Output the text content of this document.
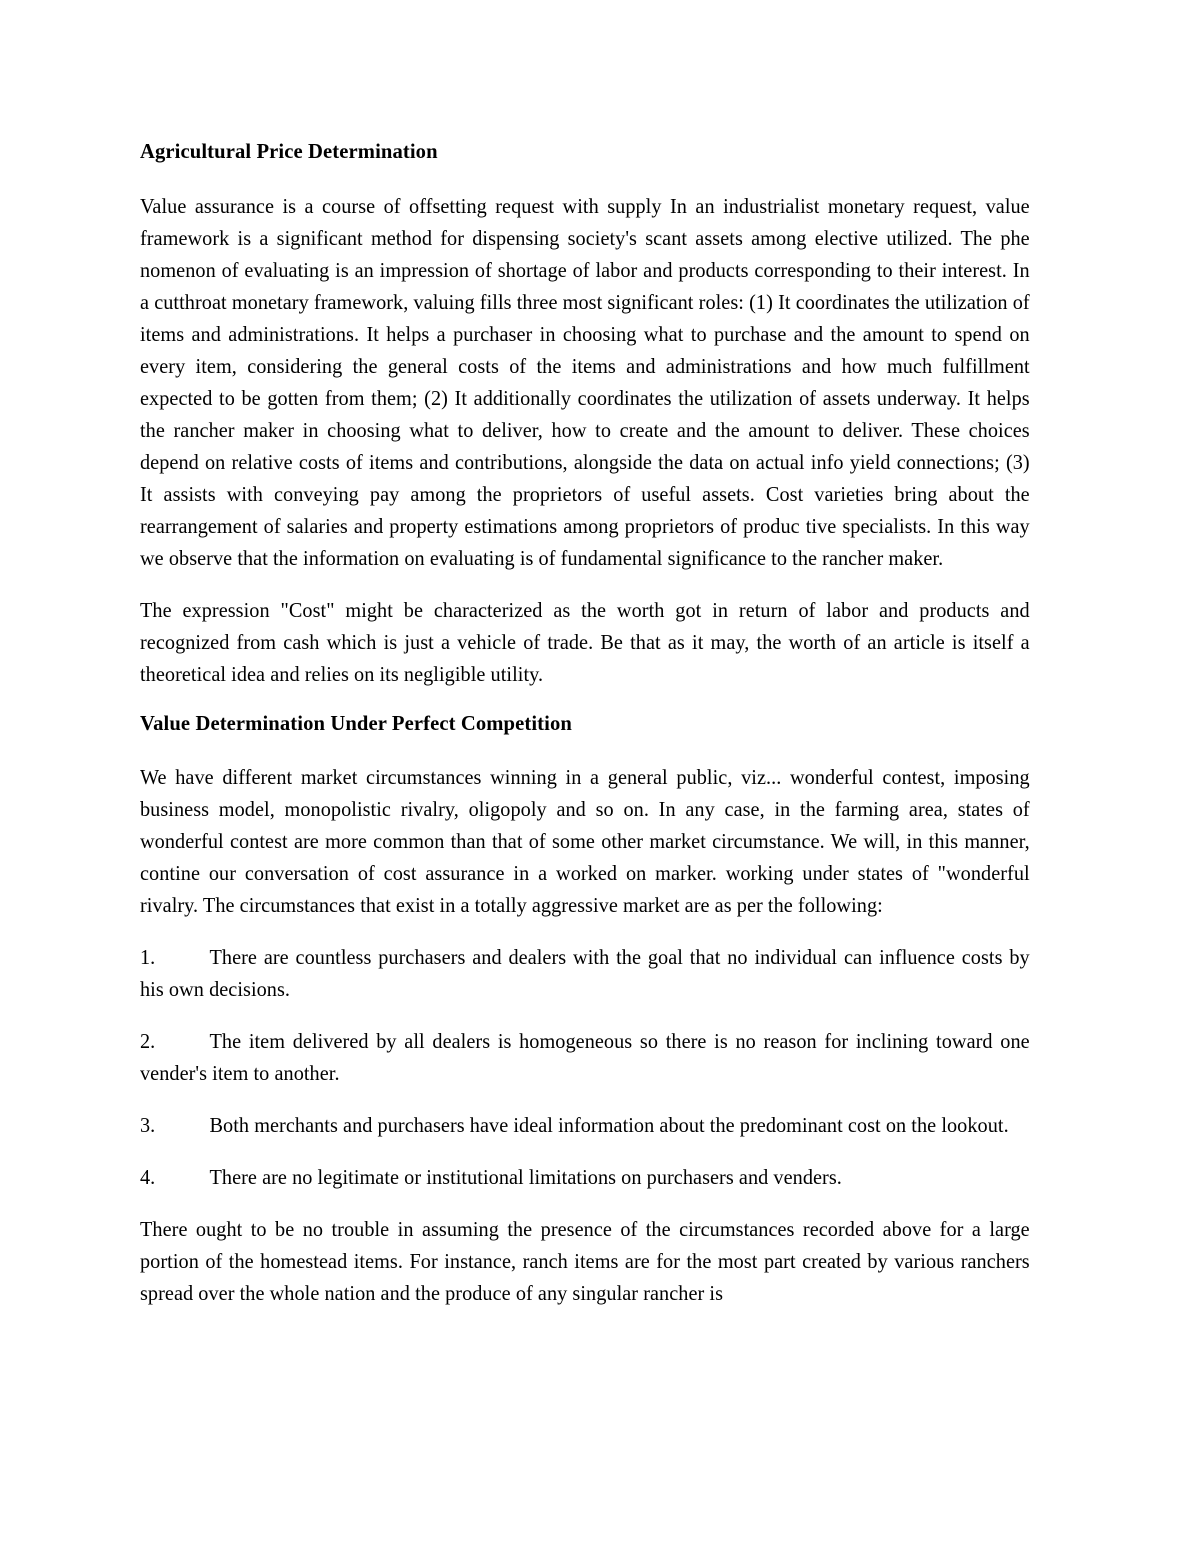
Agricultural Price Determination

Value assurance is a course of offsetting request with supply In an industrialist monetary request, value framework is a significant method for dispensing society's scant assets among elective utilized. The phe nomenon of evaluating is an impression of shortage of labor and products corresponding to their interest. In a cutthroat monetary framework, valuing fills three most significant roles: (1) It coordinates the utilization of items and administrations. It helps a purchaser in choosing what to purchase and the amount to spend on every item, considering the general costs of the items and administrations and how much fulfillment expected to be gotten from them; (2) It additionally coordinates the utilization of assets underway. It helps the rancher maker in choosing what to deliver, how to create and the amount to deliver. These choices depend on relative costs of items and contributions, alongside the data on actual info yield connections; (3) It assists with conveying pay among the proprietors of useful assets. Cost varieties bring about the rearrangement of salaries and property estimations among proprietors of produc tive specialists. In this way we observe that the information on evaluating is of fundamental significance to the rancher maker.

The expression "Cost" might be characterized as the worth got in return of labor and products and recognized from cash which is just a vehicle of trade. Be that as it may, the worth of an article is itself a theoretical idea and relies on its negligible utility.

Value Determination Under Perfect Competition

We have different market circumstances winning in a general public, viz... wonderful contest, imposing business model, monopolistic rivalry, oligopoly and so on. In any case, in the farming area, states of wonderful contest are more common than that of some other market circumstance. We will, in this manner, contine our conversation of cost assurance in a worked on marker. working under states of "wonderful rivalry. The circumstances that exist in a totally aggressive market are as per the following:

1.	There are countless purchasers and dealers with the goal that no individual can influence costs by his own decisions.
2.	The item delivered by all dealers is homogeneous so there is no reason for inclining toward one vender's item to another.
3.	Both merchants and purchasers have ideal information about the predominant cost on the lookout.
4.	There are no legitimate or institutional limitations on purchasers and venders.

There ought to be no trouble in assuming the presence of the circumstances recorded above for a large portion of the homestead items. For instance, ranch items are for the most part created by various ranchers spread over the whole nation and the produce of any singular rancher is
